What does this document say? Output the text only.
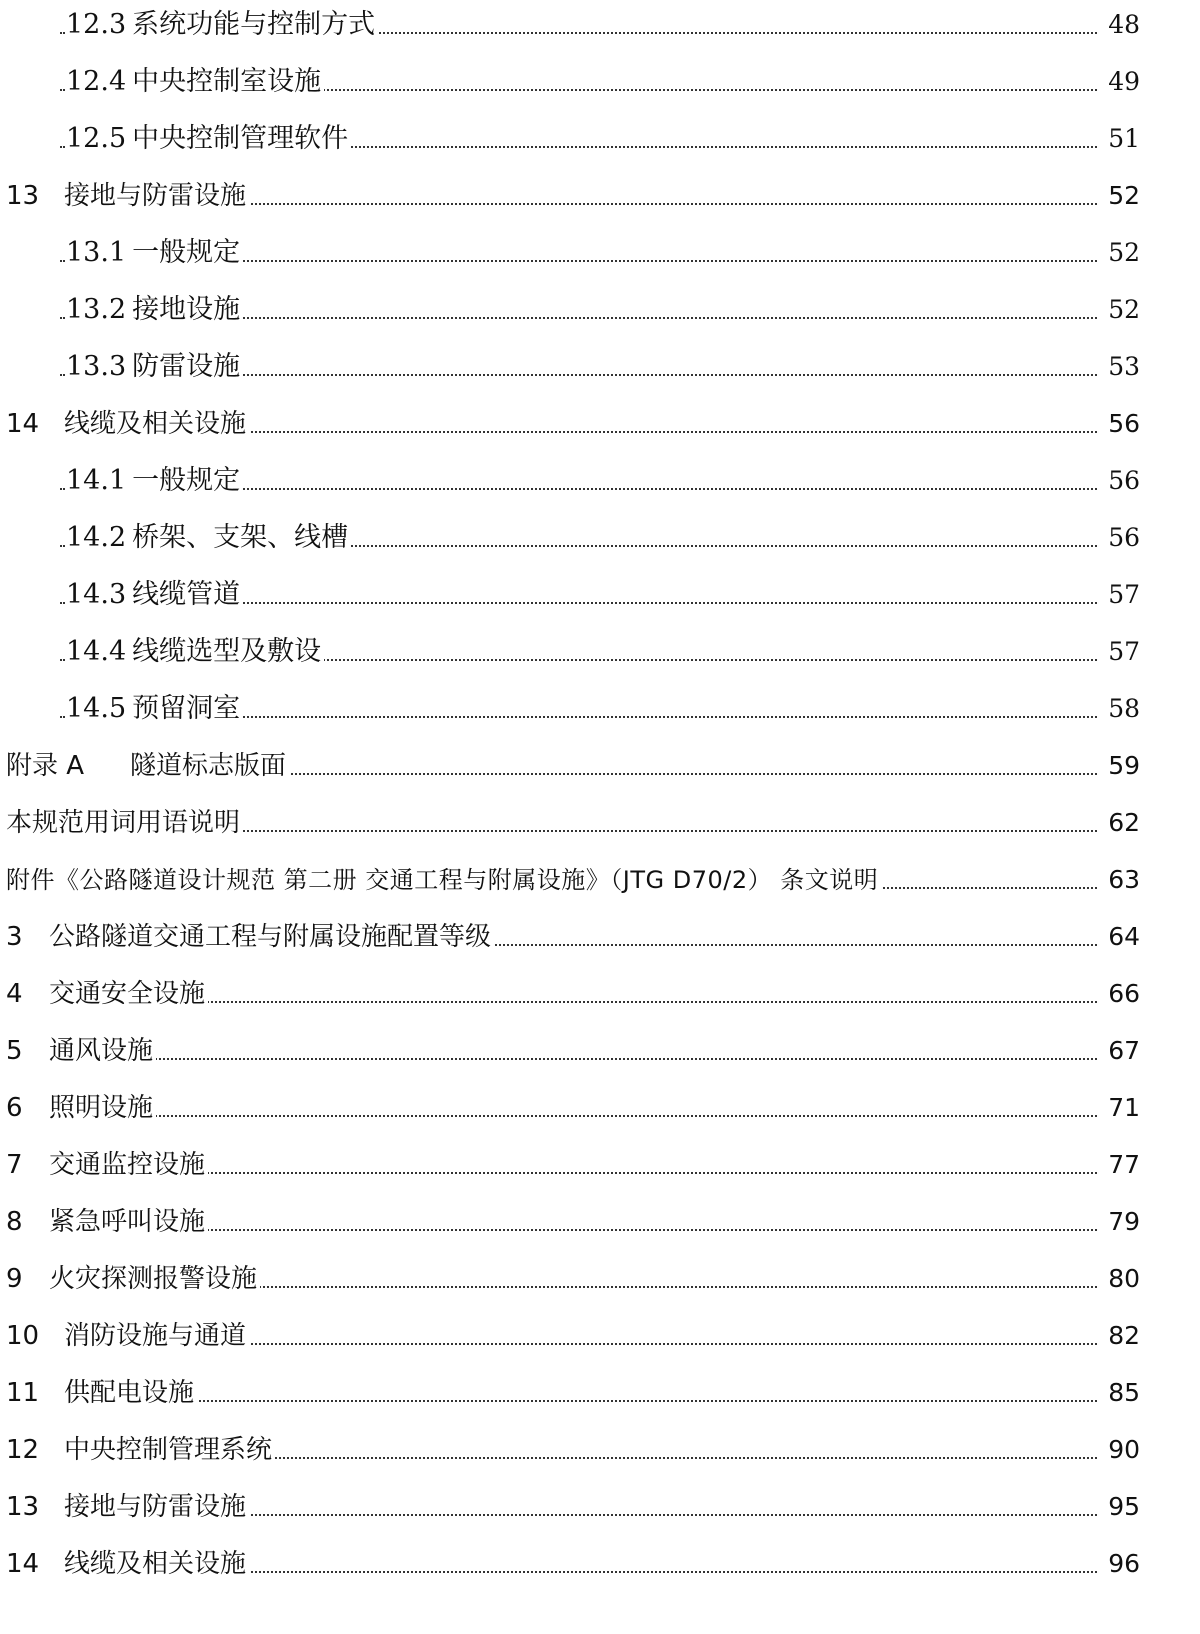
12.3 系统功能与控制方式	48
12.4 中央控制室设施	49
12.5 中央控制管理软件	51
13 接地与防雷设施	52
13.1 一般规定	52
13.2 接地设施	52
13.3 防雷设施	53
14 线缆及相关设施	56
14.1 一般规定	56
14.2 桥架、支架、线槽	56
14.3 线缆管道	57
14.4 线缆选型及敷设	57
14.5 预留洞室	58
附录 A 隧道标志版面	59
本规范用词用语说明	62
附件《公路隧道设计规范 第二册 交通工程与附属设施》（JTG D70/2） 条文说明	63
3 公路隧道交通工程与附属设施配置等级	64
4 交通安全设施	66
5 通风设施	67
6 照明设施	71
7 交通监控设施	77
8 紧急呼叫设施	79
9 火灾探测报警设施	80
10 消防设施与通道	82
11 供配电设施	85
12 中央控制管理系统	90
13 接地与防雷设施	95
14 线缆及相关设施	96
